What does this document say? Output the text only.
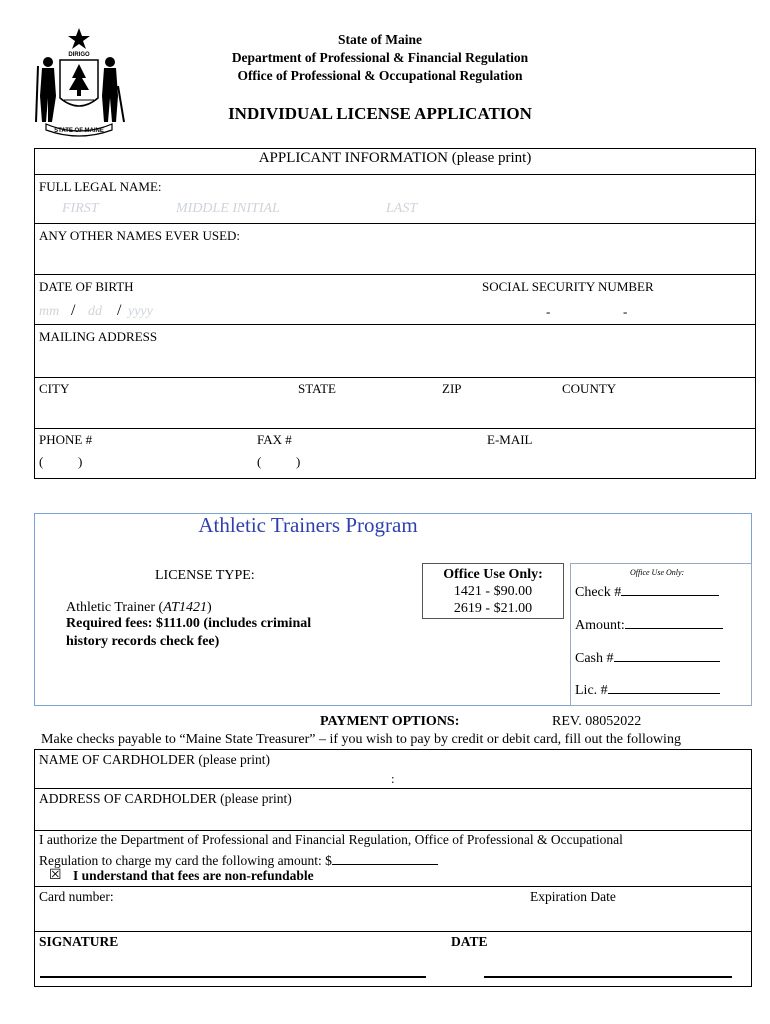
DIRIGO
STATE OF MAINE
State of Maine
Department of Professional & Financial Regulation
Office of Professional & Occupational Regulation
INDIVIDUAL LICENSE APPLICATION
APPLICANT INFORMATION (please print)
FULL LEGAL NAME:
FIRST	MIDDLE INITIAL	LAST
ANY OTHER NAMES EVER USED:
DATE OF BIRTH	SOCIAL SECURITY NUMBER
mm / dd / yyyy	-	-
MAILING ADDRESS
CITY	STATE	ZIP	COUNTY
PHONE #	FAX #	E-MAIL
(	)	(	)
Athletic Trainers Program
LICENSE TYPE:
Athletic Trainer (AT1421)
Required fees: $111.00 (includes criminal
history records check fee)
Office Use Only:
1421 - $90.00
2619 - $21.00
Office Use Only:
Check #
Amount:
Cash #
Lic. #
PAYMENT OPTIONS:	REV. 08052022
Make checks payable to “Maine State Treasurer” – if you wish to pay by credit or debit card, fill out the following
NAME OF CARDHOLDER (please print)
:
ADDRESS OF CARDHOLDER (please print)
I authorize the Department of Professional and Financial Regulation, Office of Professional & Occupational
Regulation to charge my card the following amount: $
☒ I understand that fees are non-refundable
Card number:	Expiration Date
SIGNATURE	DATE
